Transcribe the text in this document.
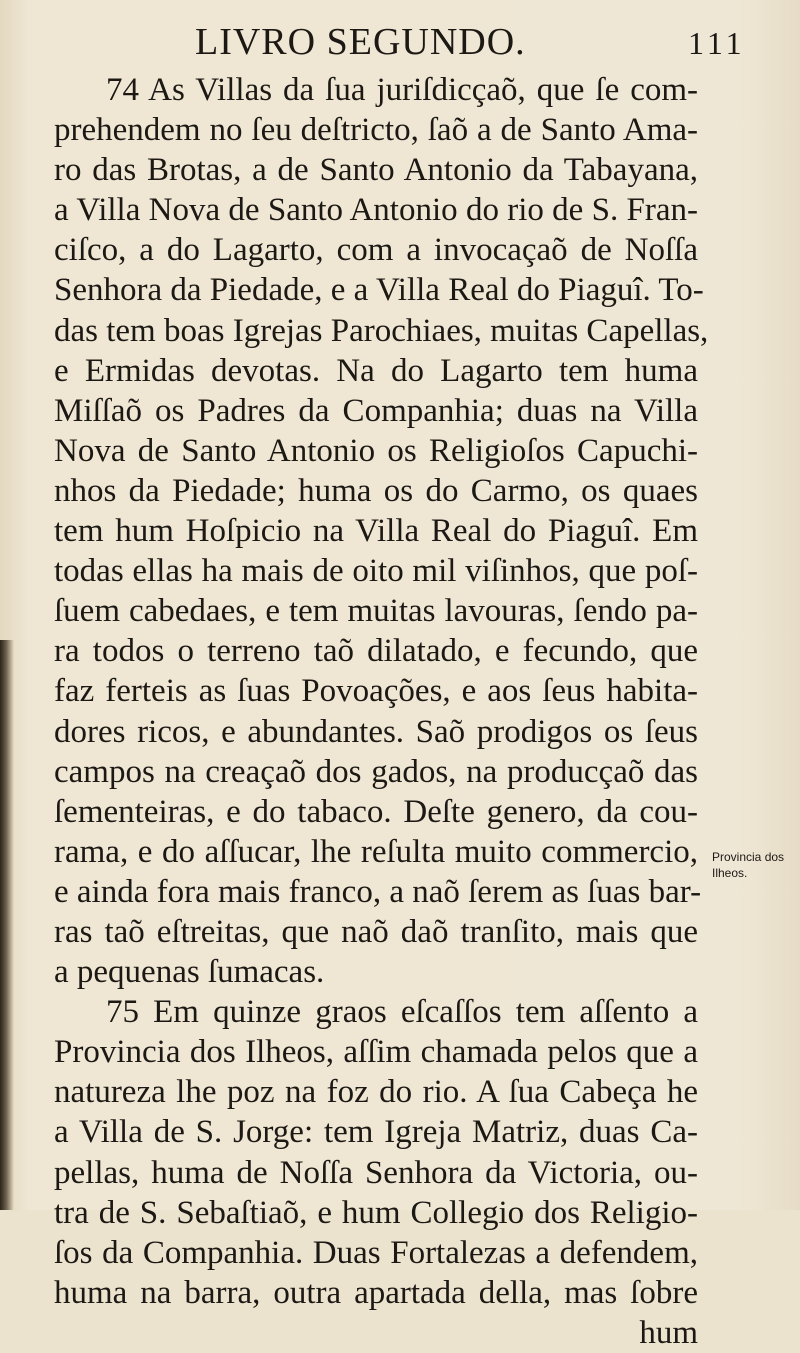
LIVRO SEGUNDO.	111
74 As Villas da ſua juriſdicçaõ, que ſe com-
prehendem no ſeu deſtricto, ſaõ a de Santo Ama-
ro das Brotas, a de Santo Antonio da Tabayana,
a Villa Nova de Santo Antonio do rio de S. Fran-
ciſco, a do Lagarto, com a invocaçaõ de Noſſa
Senhora da Piedade, e a Villa Real do Piaguî. To-
das tem boas Igrejas Parochiaes, muitas Capellas,
e Ermidas devotas. Na do Lagarto tem huma
Miſſaõ os Padres da Companhia; duas na Villa
Nova de Santo Antonio os Religioſos Capuchi-
nhos da Piedade; huma os do Carmo, os quaes
tem hum Hoſpicio na Villa Real do Piaguî. Em
todas ellas ha mais de oito mil viſinhos, que poſ-
ſuem cabedaes, e tem muitas lavouras, ſendo pa-
ra todos o terreno taõ dilatado, e fecundo, que
faz ferteis as ſuas Povoações, e aos ſeus habita-
dores ricos, e abundantes. Saõ prodigos os ſeus
campos na creaçaõ dos gados, na producçaõ das
ſementeiras, e do tabaco. Deſte genero, da cou-
rama, e do aſſucar, lhe reſulta muito commercio,
e ainda fora mais franco, a naõ ſerem as ſuas bar-
ras taõ eſtreitas, que naõ daõ tranſito, mais que
a pequenas ſumacas.
75 Em quinze graos eſcaſſos tem aſſento a
Provincia dos Ilheos, aſſim chamada pelos que a
natureza lhe poz na foz do rio. A ſua Cabeça he
a Villa de S. Jorge: tem Igreja Matriz, duas Ca-
pellas, huma de Noſſa Senhora da Victoria, ou-
tra de S. Sebaſtiaõ, e hum Collegio dos Religio-
ſos da Companhia. Duas Fortalezas a defendem,
huma na barra, outra apartada della, mas ſobre
hum
Provincia dos
Ilheos.
